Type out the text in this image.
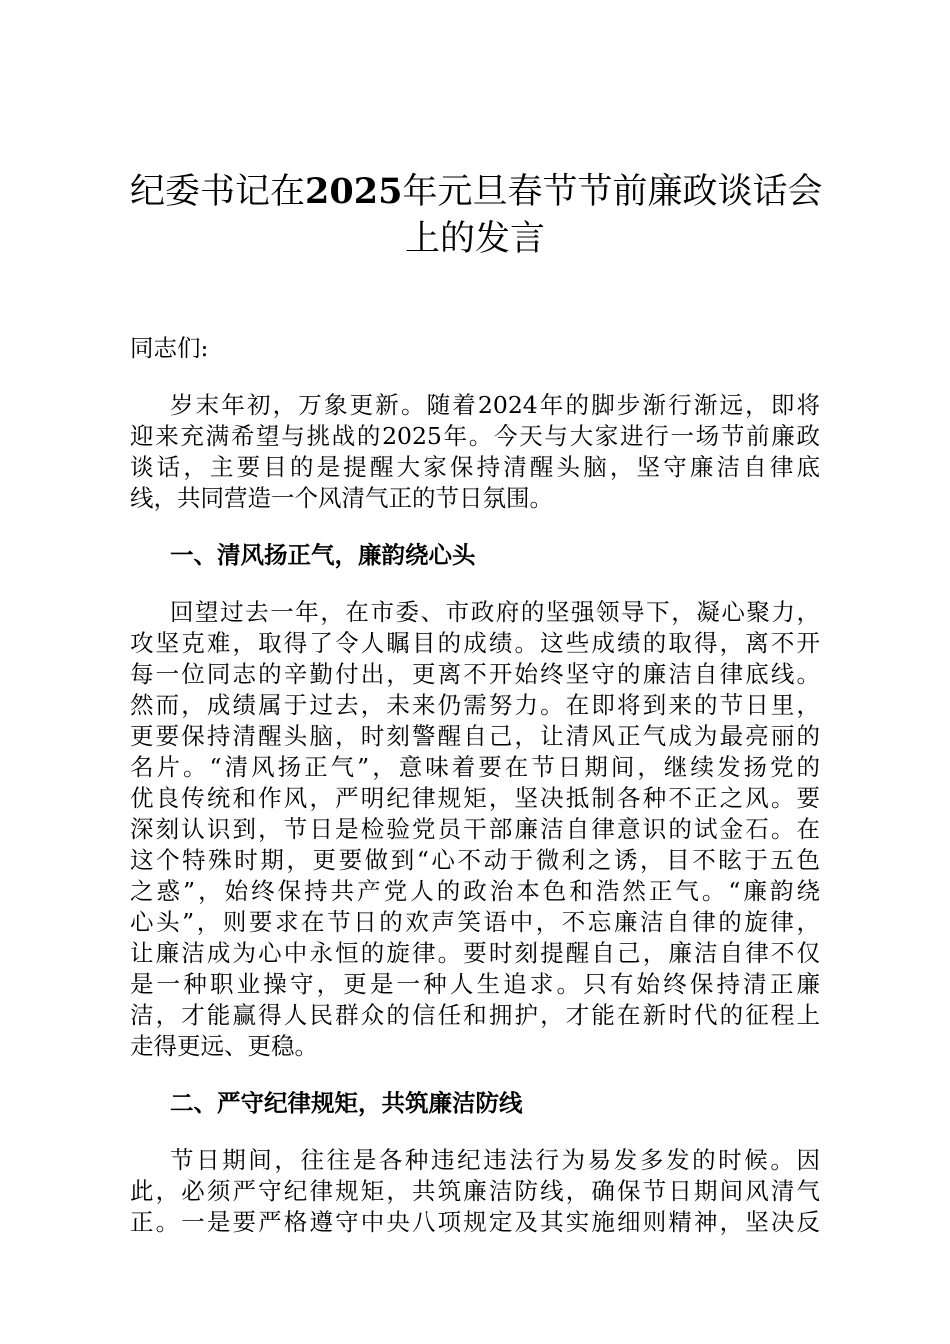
纪委书记在2025年元旦春节节前廉政谈话会
上的发言

同志们:

岁末年初，万象更新。随着2024年的脚步渐行渐远，即将
迎来充满希望与挑战的2025年。今天与大家进行一场节前廉政
谈话，主要目的是提醒大家保持清醒头脑，坚守廉洁自律底
线，共同营造一个风清气正的节日氛围。

一、清风扬正气，廉韵绕心头

回望过去一年，在市委、市政府的坚强领导下，凝心聚力，
攻坚克难，取得了令人瞩目的成绩。这些成绩的取得，离不开
每一位同志的辛勤付出，更离不开始终坚守的廉洁自律底线。
然而，成绩属于过去，未来仍需努力。在即将到来的节日里，
更要保持清醒头脑，时刻警醒自己，让清风正气成为最亮丽的
名片。“清风扬正气”，意味着要在节日期间，继续发扬党的
优良传统和作风，严明纪律规矩，坚决抵制各种不正之风。要
深刻认识到，节日是检验党员干部廉洁自律意识的试金石。在
这个特殊时期，更要做到“心不动于微利之诱，目不眩于五色
之惑”，始终保持共产党人的政治本色和浩然正气。“廉韵绕
心头”，则要求在节日的欢声笑语中，不忘廉洁自律的旋律，
让廉洁成为心中永恒的旋律。要时刻提醒自己，廉洁自律不仅
是一种职业操守，更是一种人生追求。只有始终保持清正廉
洁，才能赢得人民群众的信任和拥护，才能在新时代的征程上
走得更远、更稳。

二、严守纪律规矩，共筑廉洁防线

节日期间，往往是各种违纪违法行为易发多发的时候。因
此，必须严守纪律规矩，共筑廉洁防线，确保节日期间风清气
正。一是要严格遵守中央八项规定及其实施细则精神，坚决反
